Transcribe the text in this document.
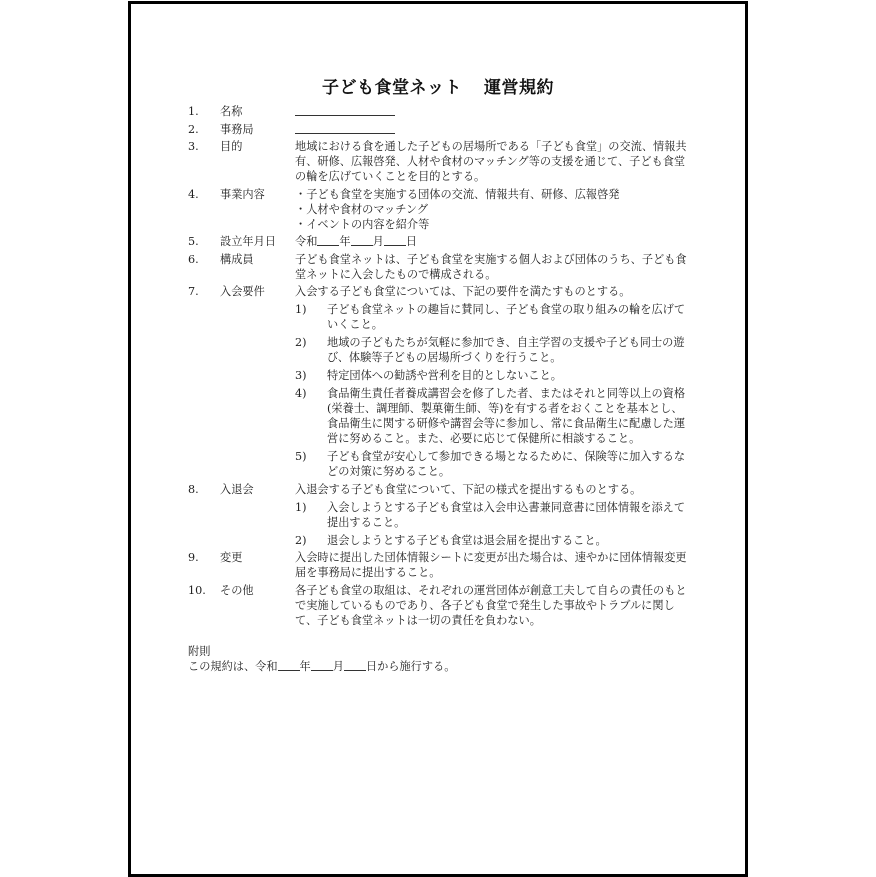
子ども食堂ネット 運営規約
1.	名称
2.	事務局
3.	目的	地域における食を通した子どもの居場所である「子ども食堂」の交流、情報共有、研修、広報啓発、人材や食材のマッチング等の支援を通じて、子ども食堂の輪を広げていくことを目的とする。
4.	事業内容	・子ども食堂を実施する団体の交流、情報共有、研修、広報啓発
・人材や食材のマッチング
・イベントの内容を紹介等
5.	設立年月日	令和 年 月 日
6.	構成員	子ども食堂ネットは、子ども食堂を実施する個人および団体のうち、子ども食堂ネットに入会したもので構成される。
7.	入会要件	入会する子ども食堂については、下記の要件を満たすものとする。
1)	子ども食堂ネットの趣旨に賛同し、子ども食堂の取り組みの輪を広げていくこと。
2)	地域の子どもたちが気軽に参加でき、自主学習の支援や子ども同士の遊び、体験等子どもの居場所づくりを行うこと。
3)	特定団体への勧誘や営利を目的としないこと。
4)	食品衛生責任者養成講習会を修了した者、またはそれと同等以上の資格(栄養士、調理師、製菓衛生師、等)を有する者をおくことを基本とし、食品衛生に関する研修や講習会等に参加し、常に食品衛生に配慮した運営に努めること。また、必要に応じて保健所に相談すること。
5)	子ども食堂が安心して参加できる場となるために、保険等に加入するなどの対策に努めること。
8.	入退会	入退会する子ども食堂について、下記の様式を提出するものとする。
1)	入会しようとする子ども食堂は入会申込書兼同意書に団体情報を添えて提出すること。
2)	退会しようとする子ども食堂は退会届を提出すること。
9.	変更	入会時に提出した団体情報シートに変更が出た場合は、速やかに団体情報変更届を事務局に提出すること。
10.	その他	各子ども食堂の取組は、それぞれの運営団体が創意工夫して自らの責任のもとで実施しているものであり、各子ども食堂で発生した事故やトラブルに関して、子ども食堂ネットは一切の責任を負わない。
附則
この規約は、令和 年 月 日から施行する。
